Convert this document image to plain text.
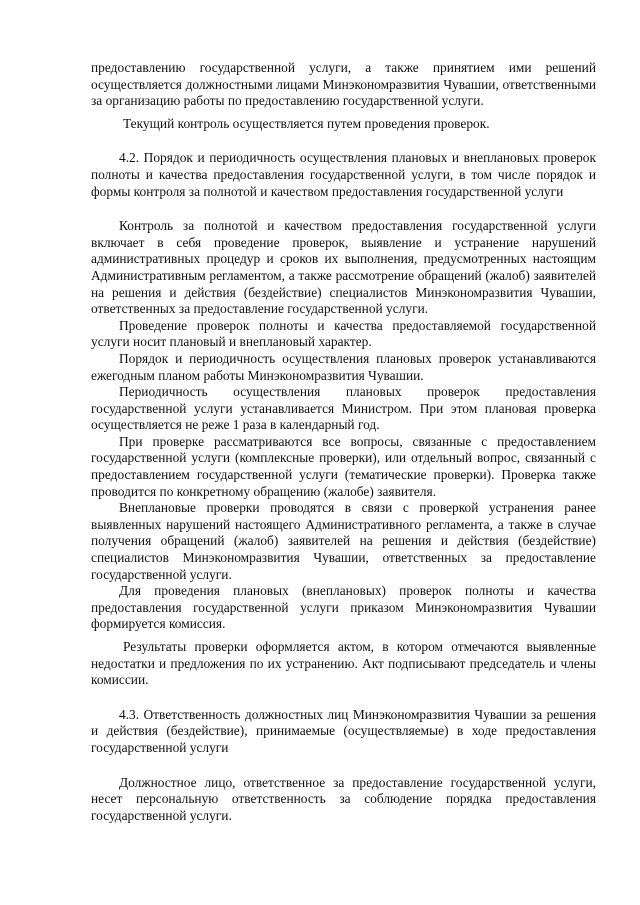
предоставлению государственной услуги, а также принятием ими решений осуществляется должностными лицами Минэкономразвития Чувашии, ответственными за организацию работы по предоставлению государственной услуги.

Текущий контроль осуществляется путем проведения проверок.

4.2. Порядок и периодичность осуществления плановых и внеплановых проверок полноты и качества предоставления государственной услуги, в том числе порядок и формы контроля за полнотой и качеством предоставления государственной услуги

Контроль за полнотой и качеством предоставления государственной услуги включает в себя проведение проверок, выявление и устранение нарушений административных процедур и сроков их выполнения, предусмотренных настоящим Административным регламентом, а также рассмотрение обращений (жалоб) заявителей на решения и действия (бездействие) специалистов Минэкономразвития Чувашии, ответственных за предоставление государственной услуги.

Проведение проверок полноты и качества предоставляемой государственной услуги носит плановый и внеплановый характер.

Порядок и периодичность осуществления плановых проверок устанавливаются ежегодным планом работы Минэкономразвития Чувашии.

Периодичность осуществления плановых проверок предоставления государственной услуги устанавливается Министром. При этом плановая проверка осуществляется не реже 1 раза в календарный год.

При проверке рассматриваются все вопросы, связанные с предоставлением государственной услуги (комплексные проверки), или отдельный вопрос, связанный с предоставлением государственной услуги (тематические проверки). Проверка также проводится по конкретному обращению (жалобе) заявителя.

Внеплановые проверки проводятся в связи с проверкой устранения ранее выявленных нарушений настоящего Административного регламента, а также в случае получения обращений (жалоб) заявителей на решения и действия (бездействие) специалистов Минэкономразвития Чувашии, ответственных за предоставление государственной услуги.

Для проведения плановых (внеплановых) проверок полноты и качества предоставления государственной услуги приказом Минэкономразвития Чувашии формируется комиссия.

Результаты проверки оформляется актом, в котором отмечаются выявленные недостатки и предложения по их устранению. Акт подписывают председатель и члены комиссии.

4.3. Ответственность должностных лиц Минэкономразвития Чувашии за решения и действия (бездействие), принимаемые (осуществляемые) в ходе предоставления государственной услуги

Должностное лицо, ответственное за предоставление государственной услуги, несет персональную ответственность за соблюдение порядка предоставления государственной услуги.
